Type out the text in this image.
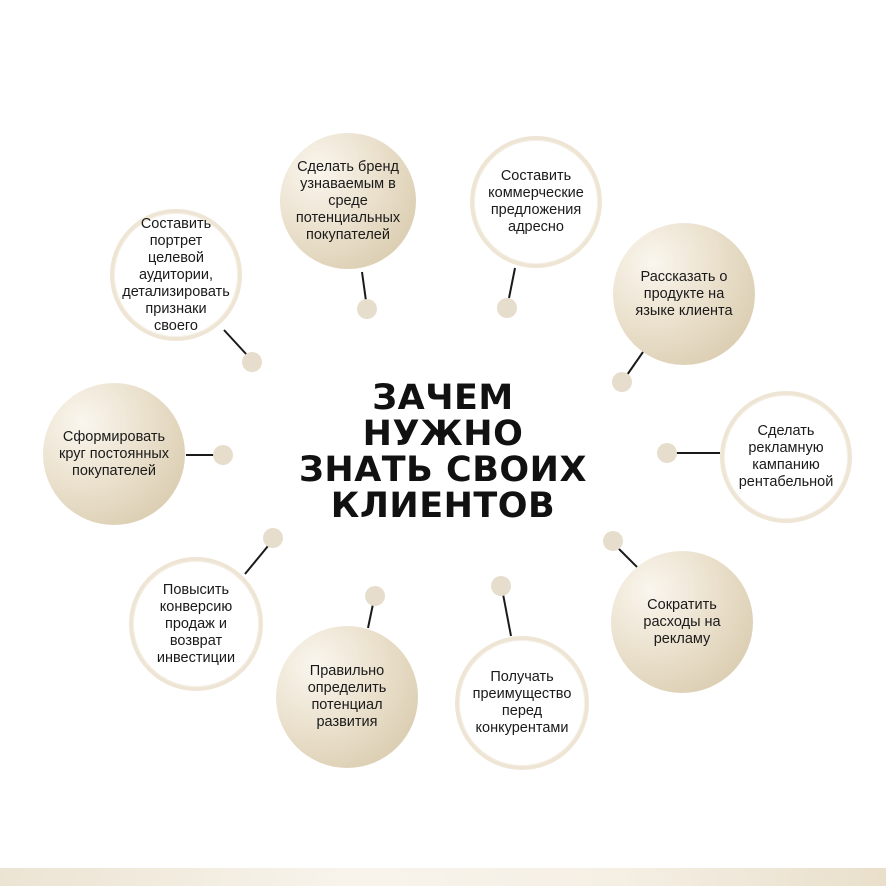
ЗАЧЕМ НУЖНО ЗНАТЬ СВОИХ КЛИЕНТОВ
Сделать бренд узнаваемым в среде потенциальных покупателей
Составить коммерческие предложения адресно
Рассказать о продукте на языке клиента
Сделать рекламную кампанию рентабельной
Сократить расходы на рекламу
Получать преимущество перед конкурентами
Правильно определить потенциал развития
Повысить конверсию продаж и возврат инвестиции
Сформировать круг постоянных покупателей
Составить портрет целевой аудитории, детализировать признаки своего
